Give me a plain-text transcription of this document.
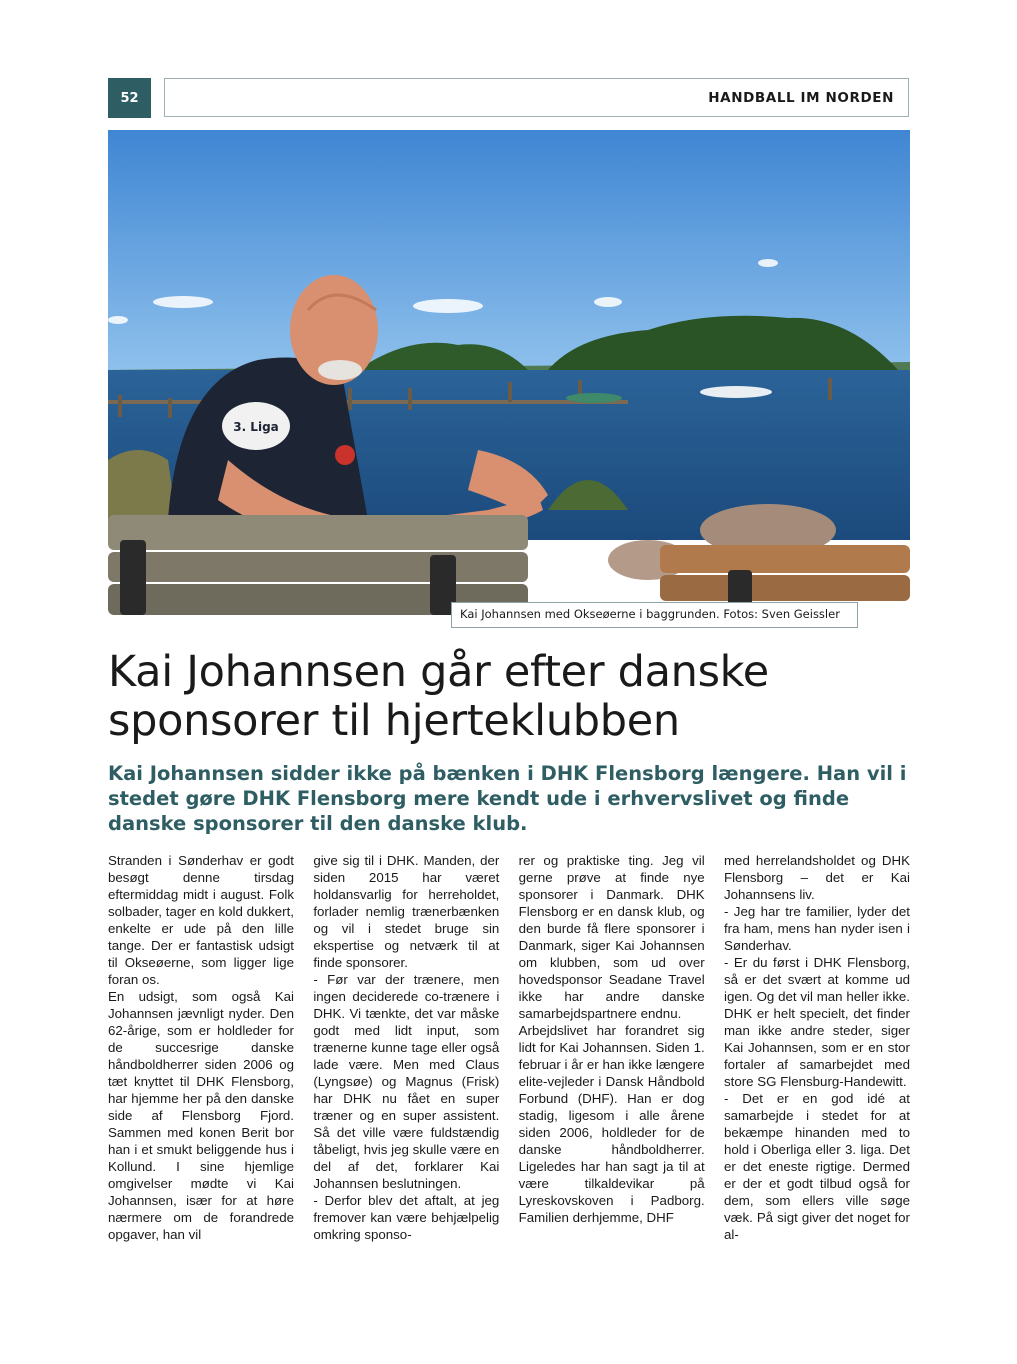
52	HANDBALL IM NORDEN
3. Liga
Kai Johannsen med Okseøerne i baggrunden. Fotos: Sven Geissler
Kai Johannsen går efter danske sponsorer til hjerteklubben

Kai Johannsen sidder ikke på bænken i DHK Flensborg længere. Han vil i stedet gøre DHK Flensborg mere kendt ude i erhvervslivet og finde danske sponsorer til den danske klub.

Stranden i Sønderhav er godt besøgt denne tirsdag eftermiddag midt i august. Folk solbader, tager en kold dukkert, enkelte er ude på den lille tange. Der er fantastisk udsigt til Okseøerne, som ligger lige foran os.

En udsigt, som også Kai Johannsen jævnligt nyder. Den 62-årige, som er holdleder for de succesrige danske håndboldherrer siden 2006 og tæt knyttet til DHK Flensborg, har hjemme her på den danske side af Flensborg Fjord. Sammen med konen Berit bor han i et smukt beliggende hus i Kollund. I sine hjemlige omgivelser mødte vi Kai Johannsen, især for at høre nærmere om de forandrede opgaver, han vil

give sig til i DHK. Manden, der siden 2015 har været holdansvarlig for herreholdet, forlader nemlig trænerbænken og vil i stedet bruge sin ekspertise og netværk til at finde sponsorer.

- Før var der trænere, men ingen deciderede co-trænere i DHK. Vi tænkte, det var måske godt med lidt input, som trænerne kunne tage eller også lade være. Men med Claus (Lyngsøe) og Magnus (Frisk) har DHK nu fået en super træner og en super assistent. Så det ville være fuldstændig tåbeligt, hvis jeg skulle være en del af det, forklarer Kai Johannsen beslutningen.

- Derfor blev det aftalt, at jeg fremover kan være behjælpelig omkring sponso-

rer og praktiske ting. Jeg vil gerne prøve at finde nye sponsorer i Danmark. DHK Flensborg er en dansk klub, og den burde få flere sponsorer i Danmark, siger Kai Johannsen om klubben, som ud over hovedsponsor Seadane Travel ikke har andre danske samarbejdspartnere endnu.

Arbejdslivet har forandret sig lidt for Kai Johannsen. Siden 1. februar i år er han ikke længere elite-vejleder i Dansk Håndbold Forbund (DHF). Han er dog stadig, ligesom i alle årene siden 2006, holdleder for de danske håndboldherrer. Ligeledes har han sagt ja til at være tilkaldevikar på Lyreskovskoven i Padborg. Familien derhjemme, DHF

med herrelandsholdet og DHK Flensborg – det er Kai Johannsens liv.

- Jeg har tre familier, lyder det fra ham, mens han nyder isen i Sønderhav.

- Er du først i DHK Flensborg, så er det svært at komme ud igen. Og det vil man heller ikke. DHK er helt specielt, det finder man ikke andre steder, siger Kai Johannsen, som er en stor fortaler af samarbejdet med store SG Flensburg-Handewitt.

- Det er en god idé at samarbejde i stedet for at bekæmpe hinanden med to hold i Oberliga eller 3. liga. Det er det eneste rigtige. Dermed er der et godt tilbud også for dem, som ellers ville søge væk. På sigt giver det noget for al-
